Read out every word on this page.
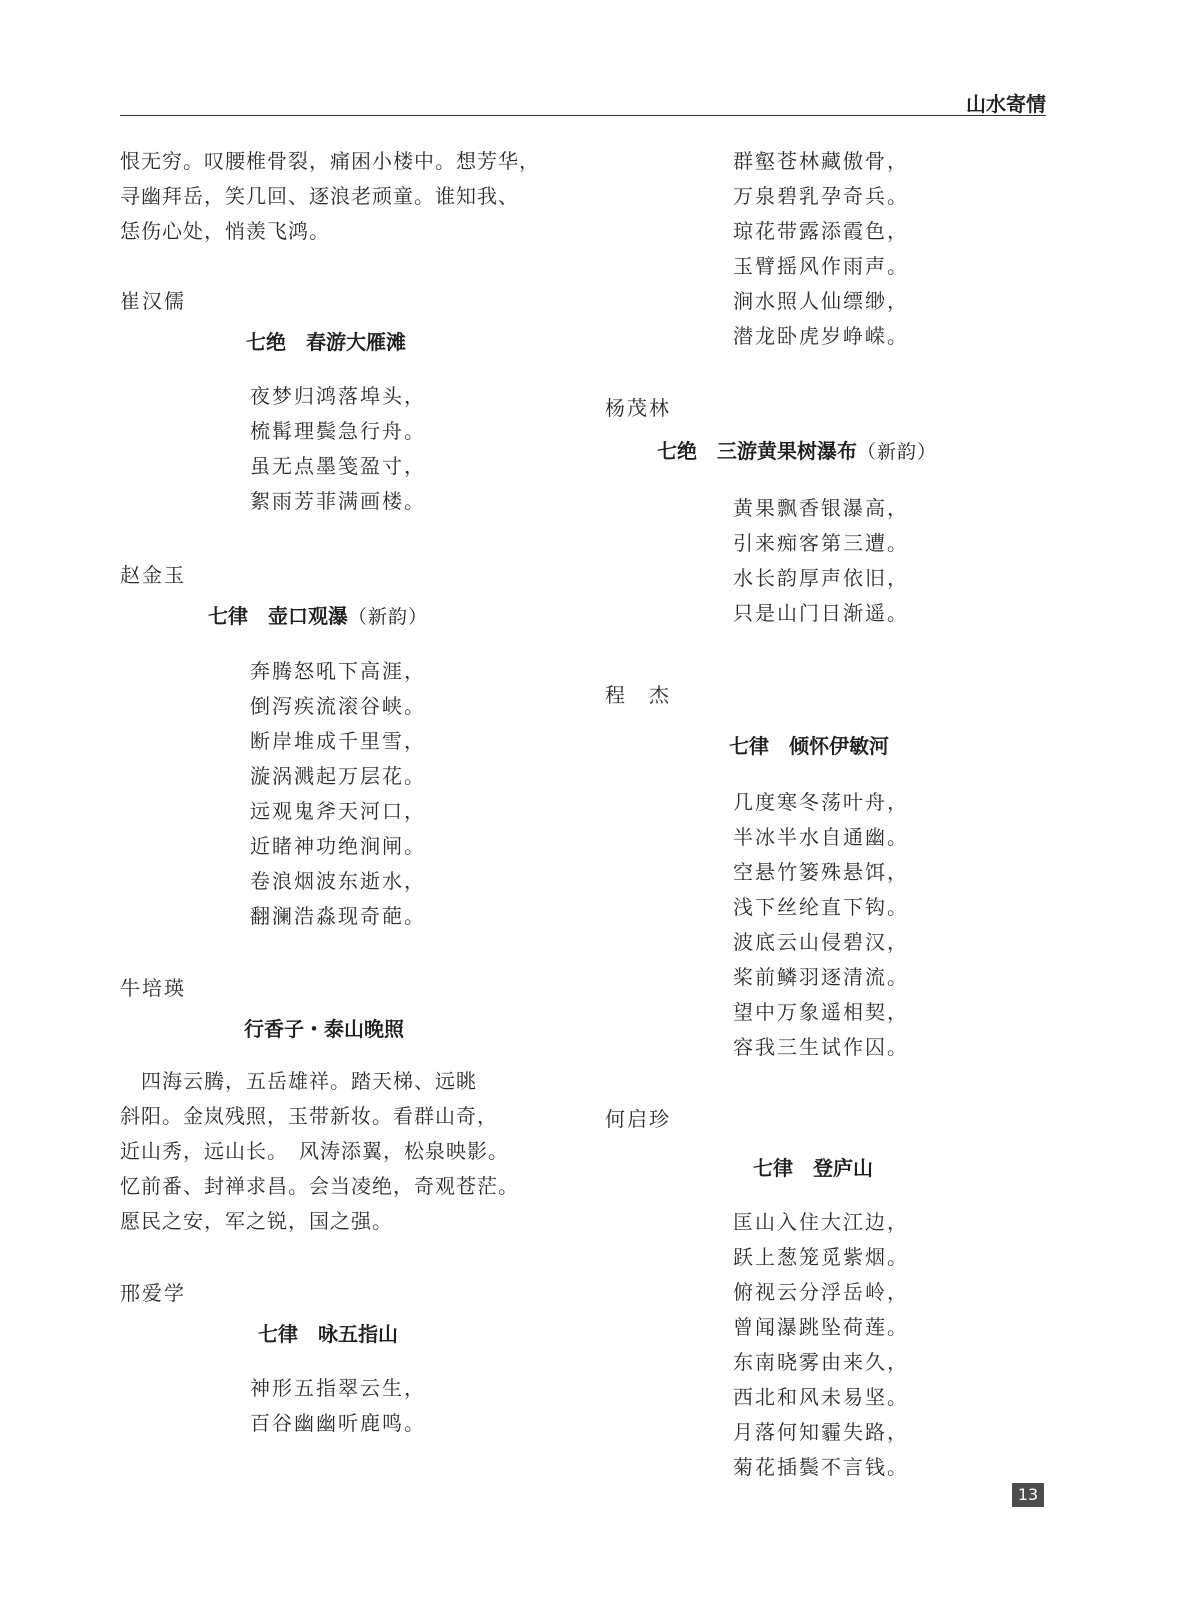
山水寄情
恨无穷。叹腰椎骨裂，痛困小楼中。想芳华，
寻幽拜岳，笑几回、逐浪老顽童。谁知我、
恁伤心处，悄羡飞鸿。
崔汉儒
七绝　春游大雁滩
夜梦归鸿落埠头，
梳髯理鬓急行舟。
虽无点墨笺盈寸，
絮雨芳菲满画楼。
赵金玉
七律　壶口观瀑（新韵）
奔腾怒吼下高涯，
倒泻疾流滚谷峡。
断岸堆成千里雪，
漩涡溅起万层花。
远观鬼斧天河口，
近睹神功绝涧闸。
卷浪烟波东逝水，
翻澜浩淼现奇葩。
牛培瑛
行香子・泰山晚照
　四海云腾，五岳雄祥。踏天梯、远眺
斜阳。金岚残照，玉带新妆。看群山奇，
近山秀，远山长。　风涛添翼，松泉映影。
忆前番、封禅求昌。会当凌绝，奇观苍茫。
愿民之安，军之锐，国之强。
邢爱学
七律　咏五指山
神形五指翠云生，
百谷幽幽听鹿鸣。
群壑苍林藏傲骨，
万泉碧乳孕奇兵。
琼花带露添霞色，
玉臂摇风作雨声。
涧水照人仙缥缈，
潜龙卧虎岁峥嵘。
杨茂林
七绝　三游黄果树瀑布（新韵）
黄果飘香银瀑高，
引来痴客第三遭。
水长韵厚声依旧，
只是山门日渐遥。
程　杰
七律　倾怀伊敏河
几度寒冬荡叶舟，
半冰半水自通幽。
空悬竹篓殊悬饵，
浅下丝纶直下钩。
波底云山侵碧汉，
桨前鳞羽逐清流。
望中万象遥相契，
容我三生试作囚。
何启珍
七律　登庐山
匡山入住大江边，
跃上葱笼觅紫烟。
俯视云分浮岳岭，
曾闻瀑跳坠荷莲。
东南晓雾由来久，
西北和风未易坚。
月落何知霾失路，
菊花插鬓不言钱。
13
